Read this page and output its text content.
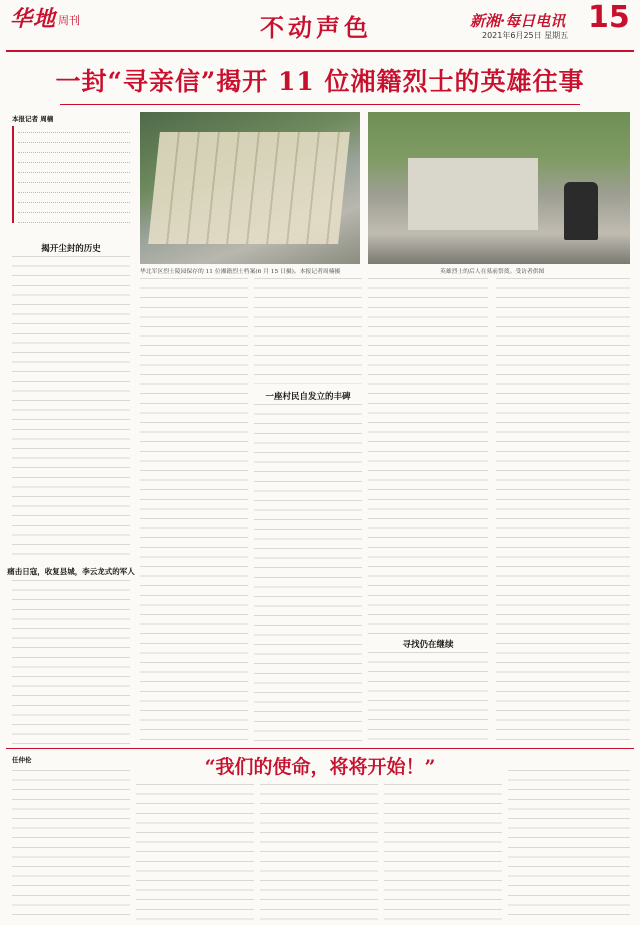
华地 周刊	不动声色	新湘·每日电讯 15
2021年6月25日 星期五
一封“寻亲信”揭开 11 位湘籍烈士的英雄往事
本报记者 周楠
揭开尘封的历史
痛击日寇，收复县城，李云龙式的军人
华北军区烈士陵园保存的 11 位湘籍烈士档案(6 月 15 日摄)。本报记者周楠摄	英雄烈士的后人在墓前祭奠。受访者供图
一座村民自发立的丰碑
寻找仍在继续
任仲伦	“我们的使命，将将开始！”
